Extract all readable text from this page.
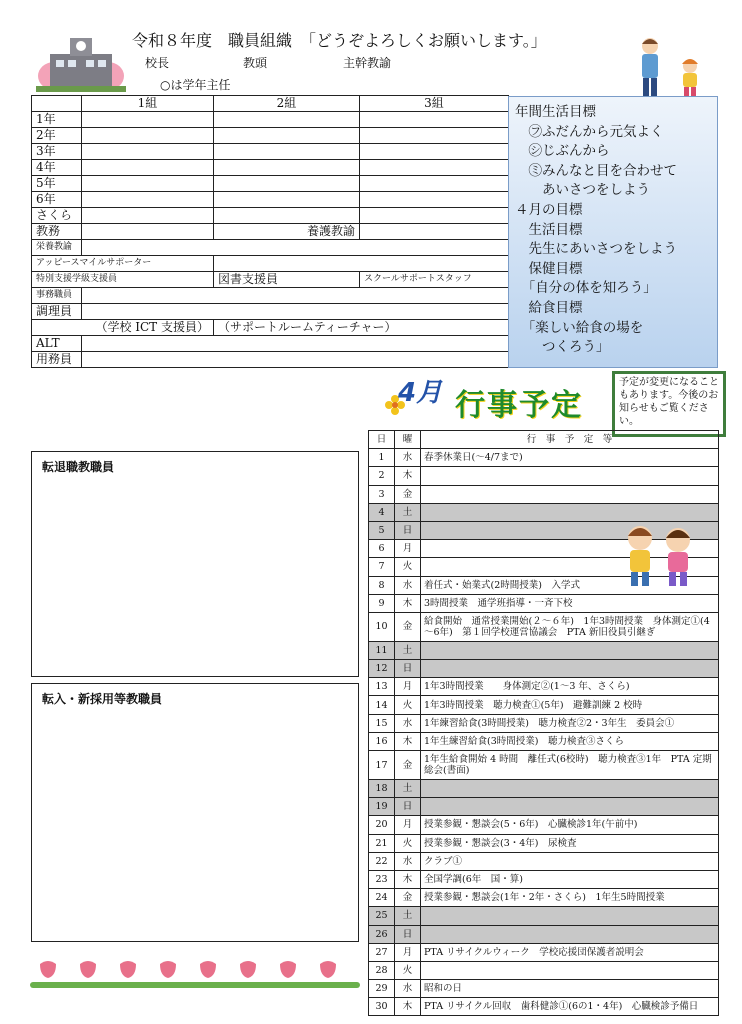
令和８年度　職員組織　「どうぞよろしくお願いします。」
校長	教頭	主幹教諭
○は学年主任
	1組	2組	3組
1年			
2年			
3年			
4年			
5年			
6年			
さくら			
教務		養護教諭	
栄養教諭			
アッピースマイルサポーター			
特別支援学級支援員		図書支援員	スクールサポートスタッフ
事務職員			
調理員			
（学校 ICT 支援員）		（サポートルームティーチャー）	
ALT			
用務員			
年間生活目標
　㋫ふだんから元気よく
　㋛じぶんから
　㋯みんなと目を合わせて
　　あいさつをしよう
４月の目標
　生活目標
　先生にあいさつをしよう
　保健目標
　「自分の体を知ろう」
　給食目標
　「楽しい給食の場を
　　つくろう」
4月 行事予定
予定が変更になることもあります。今後のお知らせもご覧ください。
転退職教職員
転入・新採用等教職員
日	曜	行　事　予　定　等
1	水	春季休業日(～4/7まで)
2	木	
3	金	
4	土	
5	日	
6	月	
7	火	
8	水	着任式・始業式(2時間授業)　入学式
9	木	3時間授業　通学班指導・一斉下校
10	金	給食開始　通常授業開始(２～６年)　1年3時間授業　身体測定①(4～6年)　第１回学校運営協議会　PTA 新旧役員引継ぎ
11	土	
12	日	
13	月	1年3時間授業　　身体測定②(1～3 年、さくら)
14	火	1年3時間授業　聴力検査①(5年)　避難訓練 2 校時
15	水	1年練習給食(3時間授業)　聴力検査②2・3年生　委員会①
16	木	1年生練習給食(3時間授業)　聴力検査③さくら
17	金	1年生給食開始 4 時間　離任式(6校時)　聴力検査③1年　PTA 定期総会(書面)
18	土	
19	日	
20	月	授業参観・懇談会(5・6年)　心臓検診1年(午前中)
21	火	授業参観・懇談会(3・4年)　尿検査
22	水	クラブ①
23	木	全国学調(6年　国・算)
24	金	授業参観・懇談会(1年・2年・さくら)　1年生5時間授業
25	土	
26	日	
27	月	PTA リサイクルウィーク　学校応援団保護者説明会
28	火	
29	水	昭和の日
30	木	PTA リサイクル回収　歯科健診①(6の1・4年)　心臓検診予備日
